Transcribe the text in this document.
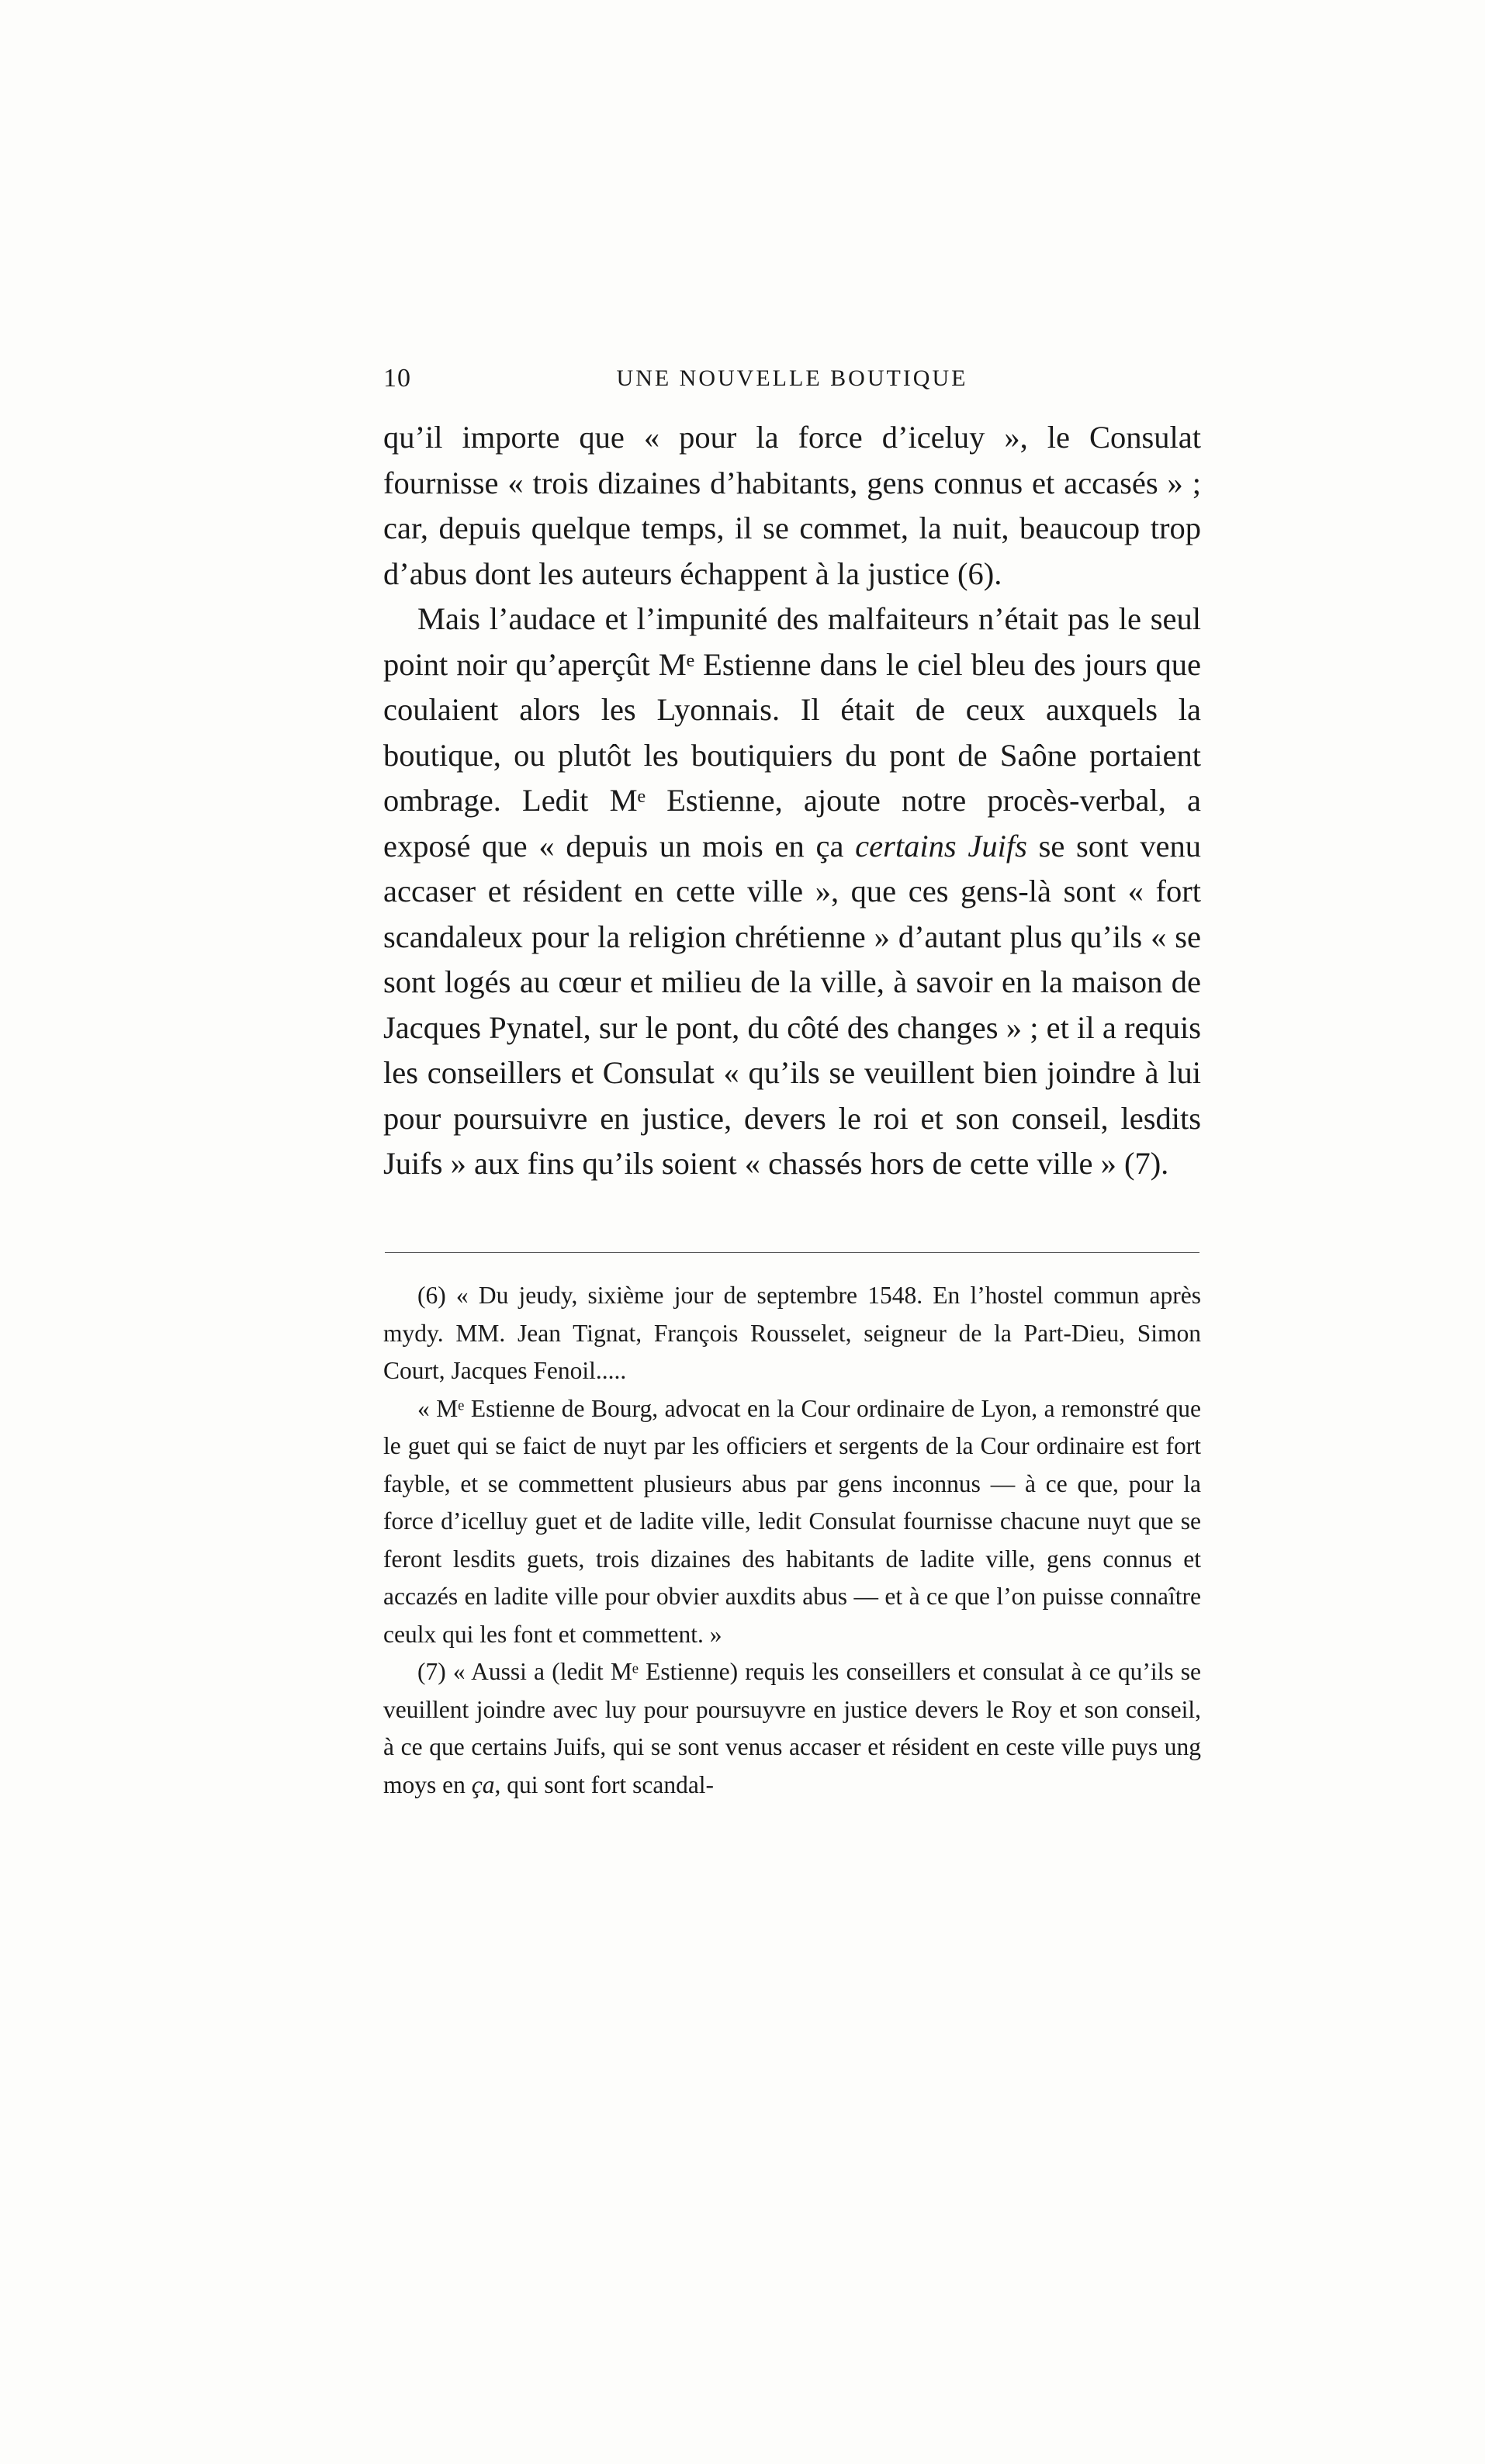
10	UNE NOUVELLE BOUTIQUE

qu’il importe que « pour la force d’iceluy », le Consulat fournisse « trois dizaines d’habitants, gens connus et accasés » ; car, depuis quelque temps, il se commet, la nuit, beaucoup trop d’abus dont les auteurs échappent à la justice (6).

Mais l’audace et l’impunité des malfaiteurs n’était pas le seul point noir qu’aperçût Mᵉ Estienne dans le ciel bleu des jours que coulaient alors les Lyonnais. Il était de ceux auxquels la boutique, ou plutôt les boutiquiers du pont de Saône portaient ombrage. Ledit Mᵉ Estienne, ajoute notre procès-verbal, a exposé que « depuis un mois en ça certains Juifs se sont venu accaser et résident en cette ville », que ces gens-là sont « fort scandaleux pour la religion chrétienne » d’autant plus qu’ils « se sont logés au cœur et milieu de la ville, à savoir en la maison de Jacques Pynatel, sur le pont, du côté des changes » ; et il a requis les conseillers et Consulat « qu’ils se veuillent bien joindre à lui pour poursuivre en justice, devers le roi et son conseil, lesdits Juifs » aux fins qu’ils soient « chassés hors de cette ville » (7).

(6) « Du jeudy, sixième jour de septembre 1548. En l’hostel commun après mydy. MM. Jean Tignat, François Rousselet, seigneur de la Part-Dieu, Simon Court, Jacques Fenoil.....

« Mᵉ Estienne de Bourg, advocat en la Cour ordinaire de Lyon, a remonstré que le guet qui se faict de nuyt par les officiers et sergents de la Cour ordinaire est fort fayble, et se commettent plusieurs abus par gens inconnus — à ce que, pour la force d’icelluy guet et de ladite ville, ledit Consulat fournisse chacune nuyt que se feront lesdits guets, trois dizaines des habitants de ladite ville, gens connus et accazés en ladite ville pour obvier auxdits abus — et à ce que l’on puisse connaître ceulx qui les font et commettent. »

(7) « Aussi a (ledit Mᵉ Estienne) requis les conseillers et consulat à ce qu’ils se veuillent joindre avec luy pour poursuyvre en justice devers le Roy et son conseil, à ce que certains Juifs, qui se sont venus accaser et résident en ceste ville puys ung moys en ça, qui sont fort scandal-
